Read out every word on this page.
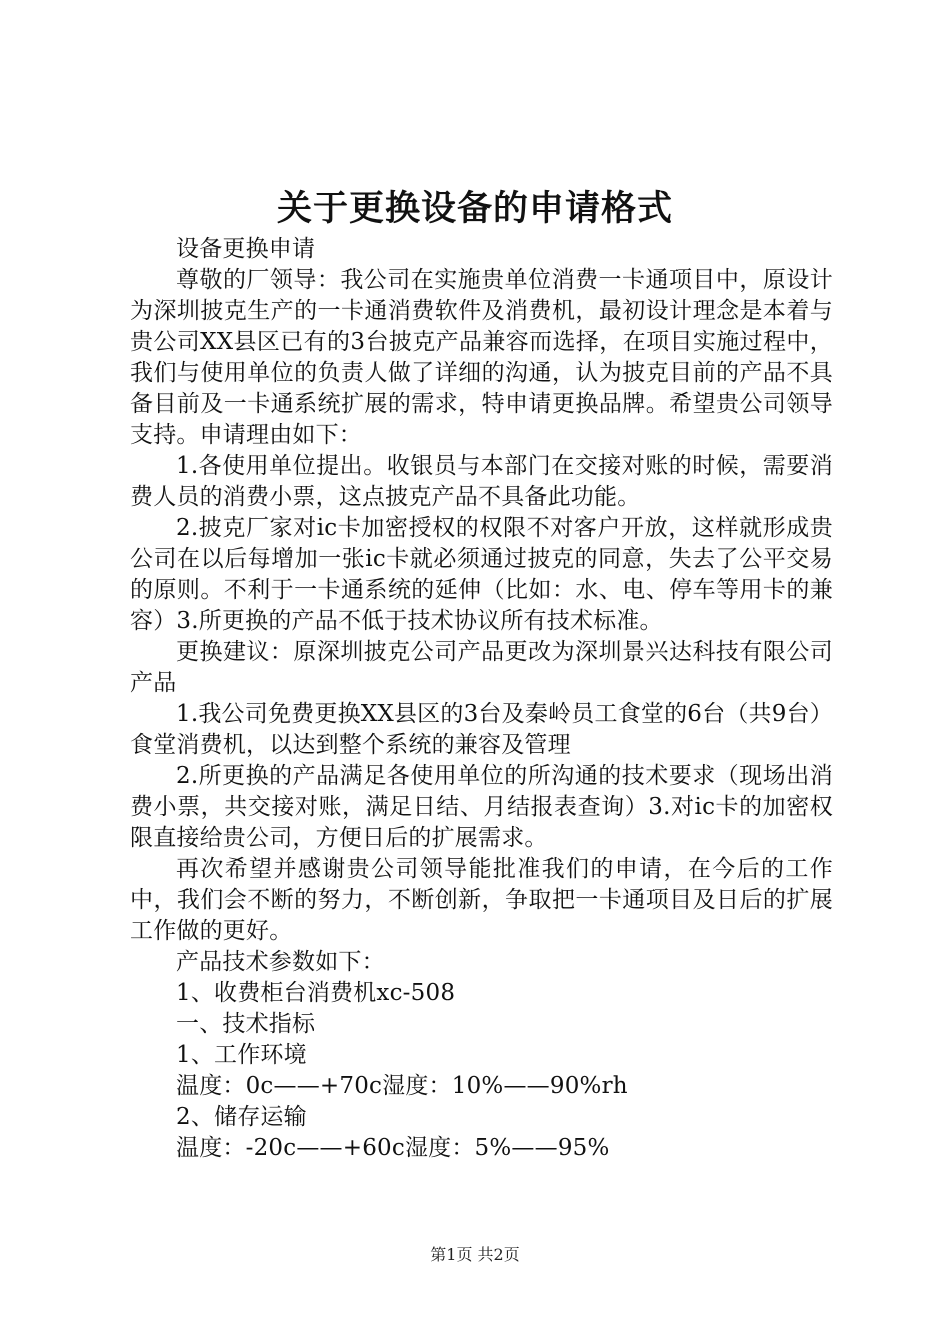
关于更换设备的申请格式

设备更换申请

尊敬的厂领导：我公司在实施贵单位消费一卡通项目中，原设计为深圳披克生产的一卡通消费软件及消费机，最初设计理念是本着与贵公司XX县区已有的3台披克产品兼容而选择，在项目实施过程中，我们与使用单位的负责人做了详细的沟通，认为披克目前的产品不具备目前及一卡通系统扩展的需求，特申请更换品牌。希望贵公司领导支持。申请理由如下：

1.各使用单位提出。收银员与本部门在交接对账的时候，需要消费人员的消费小票，这点披克产品不具备此功能。

2.披克厂家对ic卡加密授权的权限不对客户开放，这样就形成贵公司在以后每增加一张ic卡就必须通过披克的同意，失去了公平交易的原则。不利于一卡通系统的延伸（比如：水、电、停车等用卡的兼容）3.所更换的产品不低于技术协议所有技术标准。

更换建议：原深圳披克公司产品更改为深圳景兴达科技有限公司产品

1.我公司免费更换XX县区的3台及秦岭员工食堂的6台（共9台）食堂消费机，以达到整个系统的兼容及管理

2.所更换的产品满足各使用单位的所沟通的技术要求（现场出消费小票，共交接对账，满足日结、月结报表查询）3.对ic卡的加密权限直接给贵公司，方便日后的扩展需求。

再次希望并感谢贵公司领导能批准我们的申请，在今后的工作中，我们会不断的努力，不断创新，争取把一卡通项目及日后的扩展工作做的更好。

产品技术参数如下：

1、收费柜台消费机xc-508

一、技术指标

1、工作环境

温度：0c——+70c湿度：10%——90%rh

2、储存运输

温度：-20c——+60c湿度：5%——95%

第1页 共2页
